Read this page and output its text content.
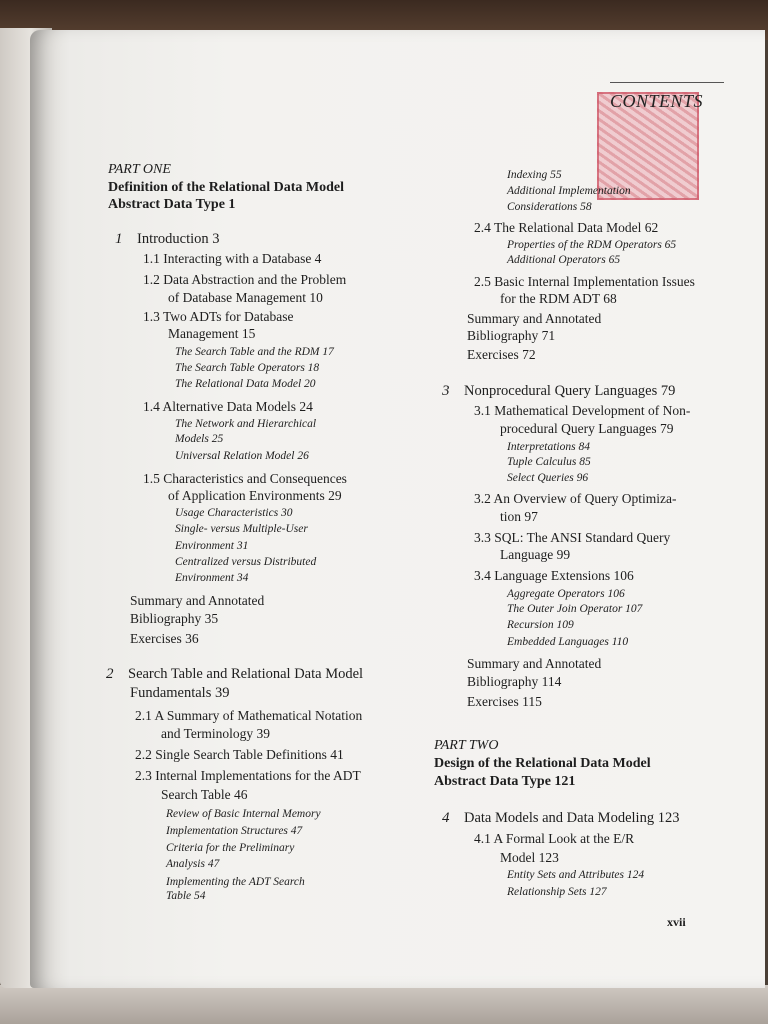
CONTENTS
PART ONE
Definition of the Relational Data Model
Abstract Data Type 1
1 Introduction 3
1.1 Interacting with a Database 4
1.2 Data Abstraction and the Problem
of Database Management 10
1.3 Two ADTs for Database
Management 15
The Search Table and the RDM 17
The Search Table Operators 18
The Relational Data Model 20
1.4 Alternative Data Models 24
The Network and Hierarchical
Models 25
Universal Relation Model 26
1.5 Characteristics and Consequences
of Application Environments 29
Usage Characteristics 30
Single- versus Multiple-User
Environment 31
Centralized versus Distributed
Environment 34
Summary and Annotated
Bibliography 35
Exercises 36
2 Search Table and Relational Data Model
Fundamentals 39
2.1 A Summary of Mathematical Notation
and Terminology 39
2.2 Single Search Table Definitions 41
2.3 Internal Implementations for the ADT
Search Table 46
Review of Basic Internal Memory
Implementation Structures 47
Criteria for the Preliminary
Analysis 47
Implementing the ADT Search
Table 54
Indexing 55
Additional Implementation
Considerations 58
2.4 The Relational Data Model 62
Properties of the RDM Operators 65
Additional Operators 65
2.5 Basic Internal Implementation Issues
for the RDM ADT 68
Summary and Annotated
Bibliography 71
Exercises 72
3 Nonprocedural Query Languages 79
3.1 Mathematical Development of Non-
procedural Query Languages 79
Interpretations 84
Tuple Calculus 85
Select Queries 96
3.2 An Overview of Query Optimiza-
tion 97
3.3 SQL: The ANSI Standard Query
Language 99
3.4 Language Extensions 106
Aggregate Operators 106
The Outer Join Operator 107
Recursion 109
Embedded Languages 110
Summary and Annotated
Bibliography 114
Exercises 115
PART TWO
Design of the Relational Data Model
Abstract Data Type 121
4 Data Models and Data Modeling 123
4.1 A Formal Look at the E/R
Model 123
Entity Sets and Attributes 124
Relationship Sets 127
xvii
